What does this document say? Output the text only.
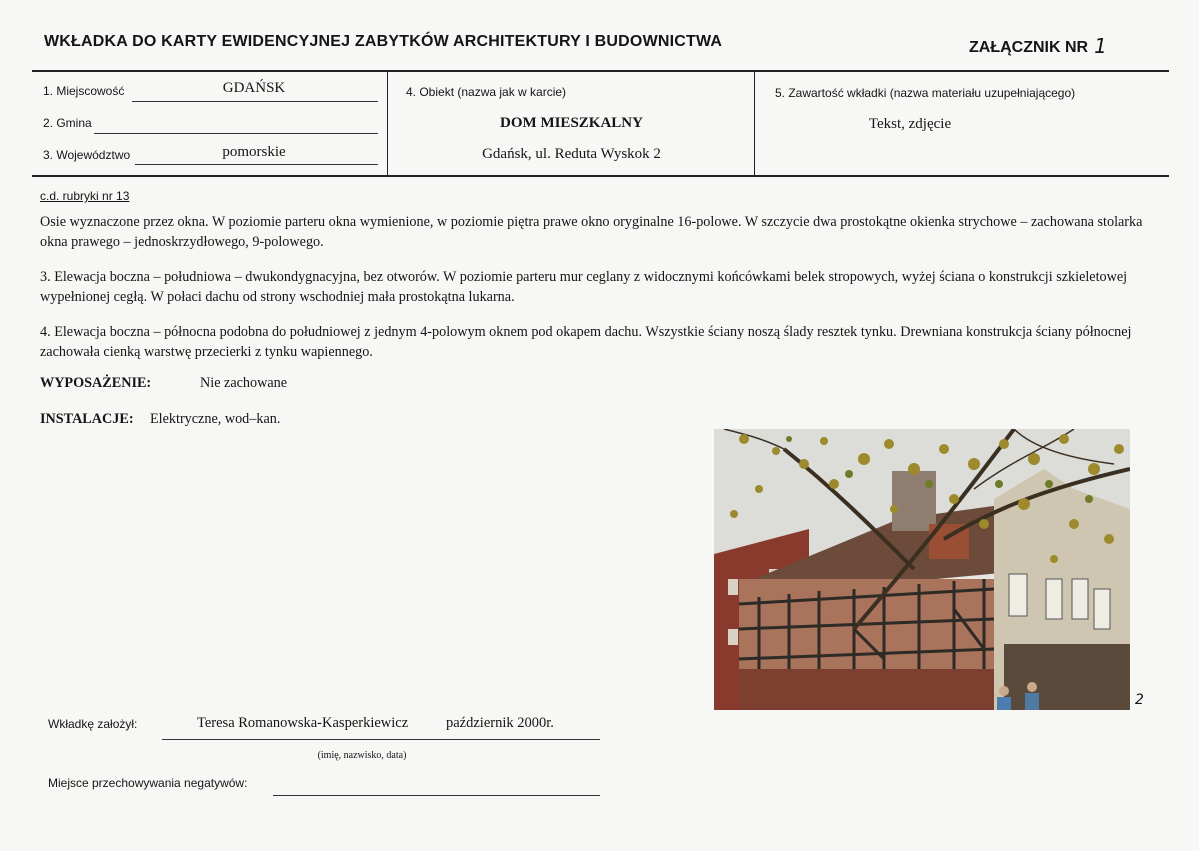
WKŁADKA DO KARTY EWIDENCYJNEJ ZABYTKÓW ARCHITEKTURY I BUDOWNICTWA	ZAŁĄCZNIK NR 1
1. Miejscowość	GDAŃSK
2. Gmina
3. Województwo	pomorskie
4. Obiekt (nazwa jak w karcie)
DOM MIESZKALNY
Gdańsk, ul. Reduta Wyskok 2
5. Zawartość wkładki (nazwa materiału uzupełniającego)
Tekst, zdjęcie
c.d. rubryki nr 13
Osie wyznaczone przez okna. W poziomie parteru okna wymienione, w poziomie piętra prawe okno oryginalne 16-polowe. W szczycie dwa prostokątne okienka strychowe – zachowana stolarka okna prawego – jednoskrzydłowego, 9-polowego.
3. Elewacja boczna – południowa – dwukondygnacyjna, bez otworów. W poziomie parteru mur ceglany z widocznymi końcówkami belek stropowych, wyżej ściana o konstrukcji szkieletowej wypełnionej cegłą. W połaci dachu od strony wschodniej mała prostokątna lukarna.
4. Elewacja boczna – północna podobna do południowej z jednym 4-polowym oknem pod okapem dachu. Wszystkie ściany noszą ślady resztek tynku. Drewniana konstrukcja ściany północnej zachowała cienką warstwę przecierki z tynku wapiennego.
WYPOSAŻENIE:	Nie zachowane
INSTALACJE: Elektryczne, wod–kan.
2
Wkładkę założył:	Teresa Romanowska-Kasperkiewicz	październik 2000r.
(imię, nazwisko, data)
Miejsce przechowywania negatywów:
